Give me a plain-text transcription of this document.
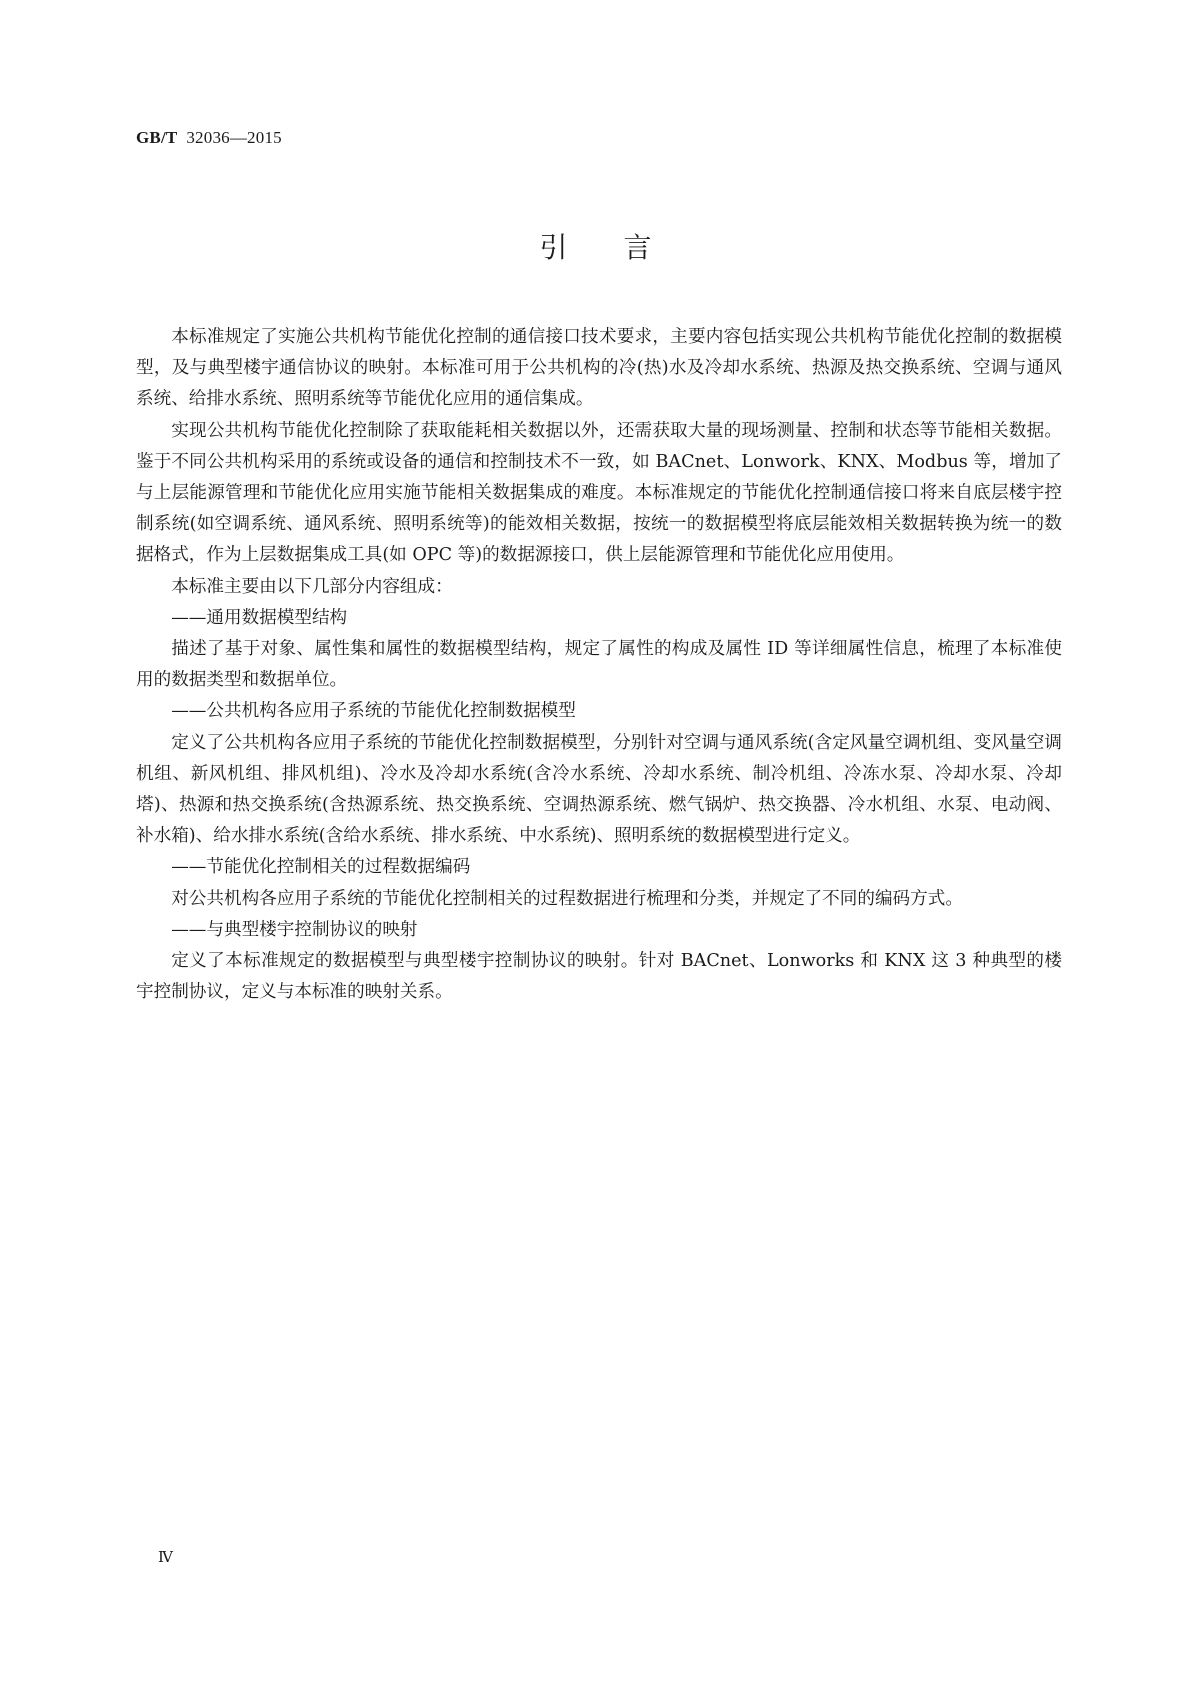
GB/T 32036—2015
引言

本标准规定了实施公共机构节能优化控制的通信接口技术要求，主要内容包括实现公共机构节能优化控制的数据模型，及与典型楼宇通信协议的映射。本标准可用于公共机构的冷(热)水及冷却水系统、热源及热交换系统、空调与通风系统、给排水系统、照明系统等节能优化应用的通信集成。

实现公共机构节能优化控制除了获取能耗相关数据以外，还需获取大量的现场测量、控制和状态等节能相关数据。鉴于不同公共机构采用的系统或设备的通信和控制技术不一致，如 BACnet、Lonwork、KNX、Modbus 等，增加了与上层能源管理和节能优化应用实施节能相关数据集成的难度。本标准规定的节能优化控制通信接口将来自底层楼宇控制系统(如空调系统、通风系统、照明系统等)的能效相关数据，按统一的数据模型将底层能效相关数据转换为统一的数据格式，作为上层数据集成工具(如 OPC 等)的数据源接口，供上层能源管理和节能优化应用使用。

本标准主要由以下几部分内容组成：

——通用数据模型结构

描述了基于对象、属性集和属性的数据模型结构，规定了属性的构成及属性 ID 等详细属性信息，梳理了本标准使用的数据类型和数据单位。

——公共机构各应用子系统的节能优化控制数据模型

定义了公共机构各应用子系统的节能优化控制数据模型，分别针对空调与通风系统(含定风量空调机组、变风量空调机组、新风机组、排风机组)、冷水及冷却水系统(含冷水系统、冷却水系统、制冷机组、冷冻水泵、冷却水泵、冷却塔)、热源和热交换系统(含热源系统、热交换系统、空调热源系统、燃气锅炉、热交换器、冷水机组、水泵、电动阀、补水箱)、给水排水系统(含给水系统、排水系统、中水系统)、照明系统的数据模型进行定义。

——节能优化控制相关的过程数据编码

对公共机构各应用子系统的节能优化控制相关的过程数据进行梳理和分类，并规定了不同的编码方式。

——与典型楼宇控制协议的映射

定义了本标准规定的数据模型与典型楼宇控制协议的映射。针对 BACnet、Lonworks 和 KNX 这 3 种典型的楼宇控制协议，定义与本标准的映射关系。

Ⅳ
